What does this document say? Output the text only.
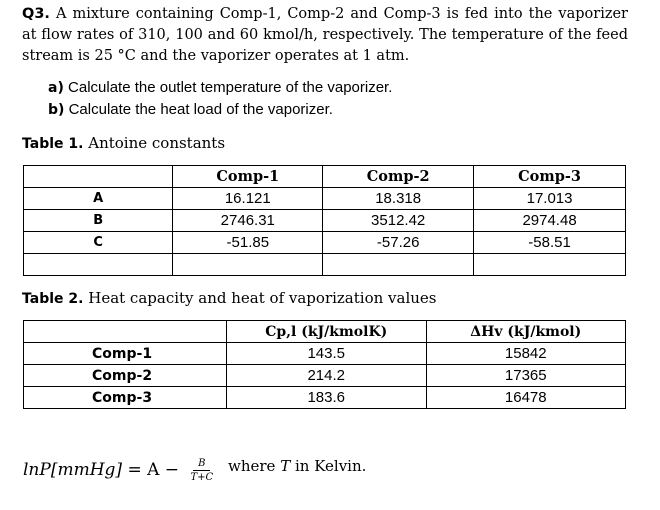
Q3. A mixture containing Comp-1, Comp-2 and Comp-3 is fed into the vaporizer at flow rates of 310, 100 and 60 kmol/h, respectively. The temperature of the feed stream is 25 °C and the vaporizer operates at 1 atm.
a) Calculate the outlet temperature of the vaporizer.
b) Calculate the heat load of the vaporizer.
Table 1. Antoine constants
	Comp-1	Comp-2	Comp-3
A	16.121	18.318	17.013
B	2746.31	3512.42	2974.48
C	-51.85	-57.26	-58.51

Table 2. Heat capacity and heat of vaporization values
	Cp,l (kJ/kmolK)	ΔHv (kJ/kmol)
Comp-1	143.5	15842
Comp-2	214.2	17365
Comp-3	183.6	16478
lnP[mmHg] = $A - \frac{B}{T+C}$ where T in Kelvin.
